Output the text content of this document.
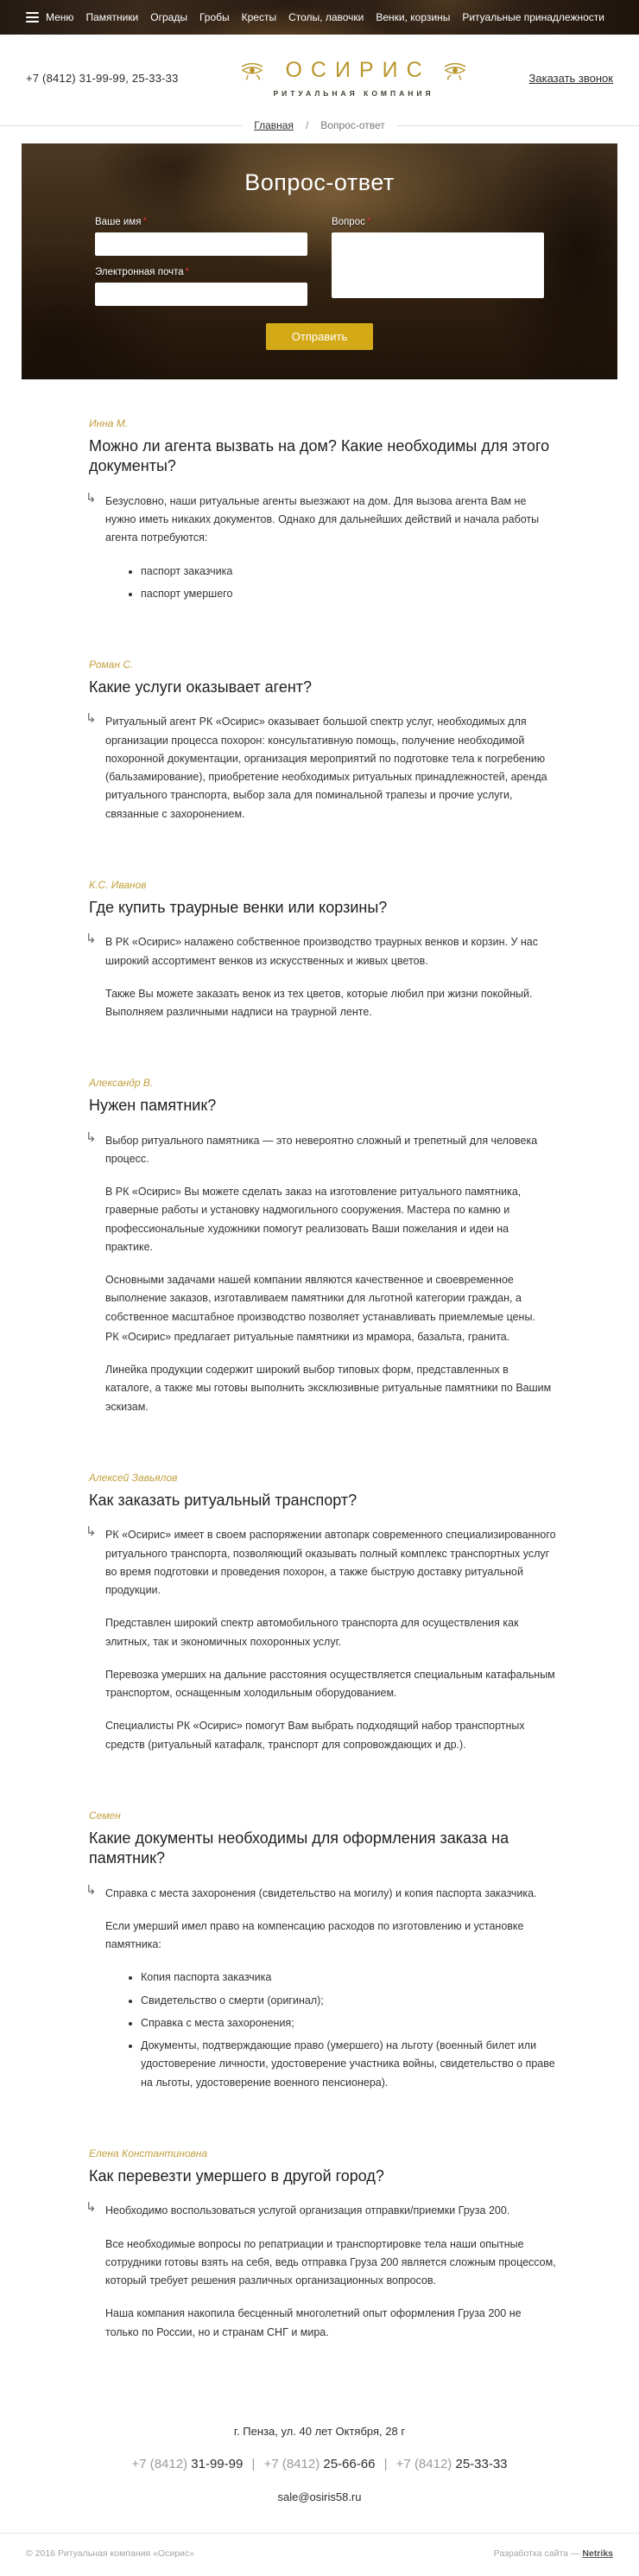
Меню Памятники Ограды Гробы Кресты Столы, лавочки Венки, корзины Ритуальные принадлежности
+7 (8412) 31-99-99, 25-33-33	ОСИРИС
РИТУАЛЬНАЯ КОМПАНИЯ
Заказать звонок
Главная / Вопрос-ответ
Вопрос-ответ
Ваше имя *
Электронная почта *
Вопрос *
Отправить
Инна М.
Можно ли агента вызвать на дом? Какие необходимы для этого документы?
↳ Безусловно, наши ритуальные агенты выезжают на дом. Для вызова агента Вам не нужно иметь никаких документов. Однако для дальнейших действий и начала работы агента потребуются:

• паспорт заказчика
• паспорт умершего
Роман С.
Какие услуги оказывает агент?
↳ Ритуальный агент РК «Осирис» оказывает большой спектр услуг, необходимых для организации процесса похорон: консультативную помощь, получение необходимой похоронной документации, организация мероприятий по подготовке тела к погребению (бальзамирование), приобретение необходимых ритуальных принадлежностей, аренда ритуального транспорта, выбор зала для поминальной трапезы и прочие услуги, связанные с захоронением.

К.С. Иванов
Где купить траурные венки или корзины?
↳ В РК «Осирис» налажено собственное производство траурных венков и корзин. У нас широкий ассортимент венков из искусственных и живых цветов.

Также Вы можете заказать венок из тех цветов, которые любил при жизни покойный. Выполняем различными надписи на траурной ленте.

Александр В.
Нужен памятник?
↳ Выбор ритуального памятника — это невероятно сложный и трепетный для человека процесс.

В РК «Осирис» Вы можете сделать заказ на изготовление ритуального памятника, граверные работы и установку надмогильного сооружения. Мастера по камню и профессиональные художники помогут реализовать Ваши пожелания и идеи на практике.

Основными задачами нашей компании являются качественное и своевременное выполнение заказов, изготавливаем памятники для льготной категории граждан, а собственное масштабное производство позволяет устанавливать приемлемые цены.

РК «Осирис» предлагает ритуальные памятники из мрамора, базальта, гранита.

Линейка продукции содержит широкий выбор типовых форм, представленных в каталоге, а также мы готовы выполнить эксклюзивные ритуальные памятники по Вашим эскизам.

Алексей Завьялов
Как заказать ритуальный транспорт?
↳ РК «Осирис» имеет в своем распоряжении автопарк современного специализированного ритуального транспорта, позволяющий оказывать полный комплекс транспортных услуг во время подготовки и проведения похорон, а также быструю доставку ритуальной продукции.

Представлен широкий спектр автомобильного транспорта для осуществления как элитных, так и экономичных похоронных услуг.

Перевозка умерших на дальние расстояния осуществляется специальным катафальным транспортом, оснащенным холодильным оборудованием.

Специалисты РК «Осирис» помогут Вам выбрать подходящий набор транспортных средств (ритуальный катафалк, транспорт для сопровождающих и др.).

Семен
Какие документы необходимы для оформления заказа на памятник?
↳ Справка с места захоронения (свидетельство на могилу) и копия паспорта заказчика.

Если умерший имел право на компенсацию расходов по изготовлению и установке памятника:

• Копия паспорта заказчика
• Свидетельство о смерти (оригинал);
• Справка с места захоронения;
• Документы, подтверждающие право (умершего) на льготу (военный билет или удостоверение личности, удостоверение участника войны, свидетельство о праве на льготы, удостоверение военного пенсионера).
Елена Константиновна
Как перевезти умершего в другой город?
↳ Необходимо воспользоваться услугой организация отправки/приемки Груза 200.

Все необходимые вопросы по репатриации и транспортировке тела наши опытные сотрудники готовы взять на себя, ведь отправка Груза 200 является сложным процессом, который требует решения различных организационных вопросов.

Наша компания накопила бесценный многолетний опыт оформления Груза 200 не только по России, но и странам СНГ и мира.

г. Пенза, ул. 40 лет Октября, 28 г
+7 (8412) 31-99-99 | +7 (8412) 25-66-66 | +7 (8412) 25-33-33
sale@osiris58.ru
© 2016 Ритуальная компания «Осирис»	Разработка сайта — Netriks
